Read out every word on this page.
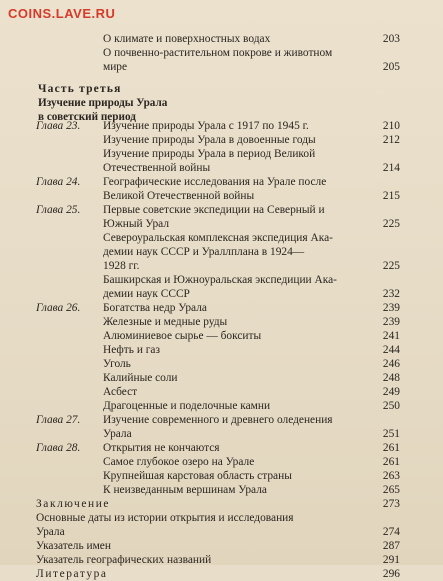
COINS.LAVE.RU
Часть третья
Изучение природы Урала
в советский период
О климате и поверхностных водах	203
О почвенно-растительном покрове и животном
мире	205
Глава 23. Изучение природы Урала с 1917 по 1945 г.	210
Изучение природы Урала в довоенные годы	212
Изучение природы Урала в период Великой
Отечественной войны	214
Глава 24. Географические исследования на Урале после
Великой Отечественной войны	215
Глава 25. Первые советские экспедиции на Северный и
Южный Урал	225
Североуральская комплексная экспедиция Ака-
демии наук СССР и Ураллплана в 1924—
1928 гг.	225
Башкирская и Южноуральская экспедиции Ака-
демии наук СССР	232
Глава 26. Богатства недр Урала	239
Железные и медные руды	239
Алюминиевое сырье — бокситы	241
Нефть и газ	244
Уголь	246
Калийные соли	248
Асбест	249
Драгоценные и поделочные камни	250
Глава 27. Изучение современного и древнего оледенения
Урала	251
Глава 28. Открытия не кончаются	261
Самое глубокое озеро на Урале	261
Крупнейшая карстовая область страны	263
К неизведанным вершинам Урала	265
Заключение	273
Основные даты из истории открытия и исследования
Урала	274
Указатель имен	287
Указатель географических названий	291
Литература	296
